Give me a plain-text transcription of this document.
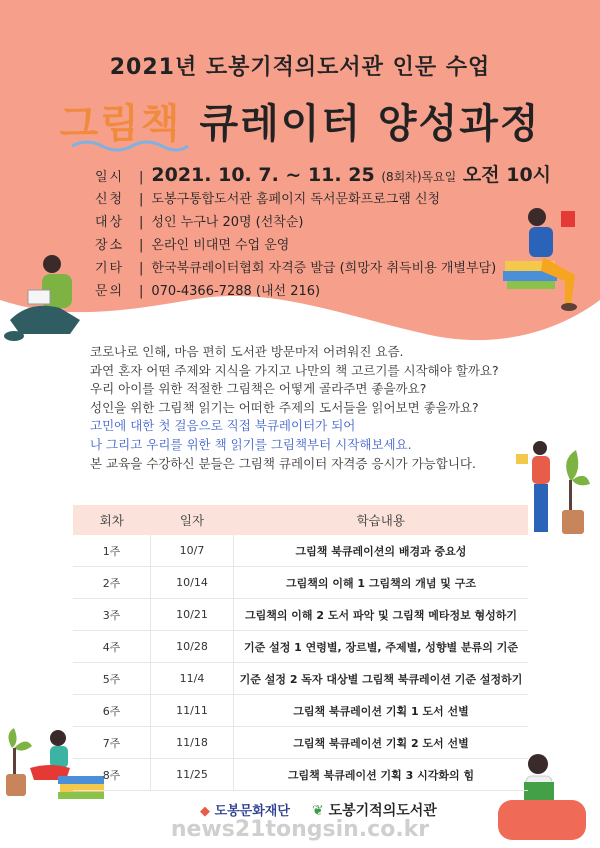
2021년 도봉기적의도서관 인문 수업
그림책 큐레이터 양성과정
일시	| 2021. 10. 7. ~ 11. 25 (8회차)목요일 오전 10시
신청	| 도봉구통합도서관 홈페이지 독서문화프로그램 신청
대상	| 성인 누구나 20명 (선착순)
장소	| 온라인 비대면 수업 운영
기타	| 한국북큐레이터협회 자격증 발급 (희망자 취득비용 개별부담)
문의	| 070-4366-7288 (내선 216)

코로나로 인해, 마음 편히 도서관 방문마저 어려워진 요즘.

과연 혼자 어떤 주제와 지식을 가지고 나만의 책 고르기를 시작해야 할까요?

우리 아이를 위한 적절한 그림책은 어떻게 골라주면 좋을까요?

성인을 위한 그림책 읽기는 어떠한 주제의 도서들을 읽어보면 좋을까요?

고민에 대한 첫 걸음으로 직접 북큐레이터가 되어

나 그리고 우리를 위한 책 읽기를 그림책부터 시작해보세요.

본 교육을 수강하신 분들은 그림책 큐레이터 자격증 응시가 가능합니다.

회차	일자	학습내용
1주	10/7	그림책 북큐레이션의 배경과 중요성
2주	10/14	그림책의 이해 1 그림책의 개념 및 구조
3주	10/21	그림책의 이해 2 도서 파악 및 그림책 메타정보 형성하기
4주	10/28	기준 설정 1 연령별, 장르별, 주제별, 성향별 분류의 기준
5주	11/4	기준 설정 2 독자 대상별 그림책 북큐레이션 기준 설정하기
6주	11/11	그림책 북큐레이션 기획 1 도서 선별
7주	11/18	그림책 북큐레이션 기획 2 도서 선별
8주	11/25	그림책 북큐레이션 기획 3 시각화의 힘
◆ 도봉문화재단 ❦ 도봉기적의도서관
news21tongsin.co.kr
